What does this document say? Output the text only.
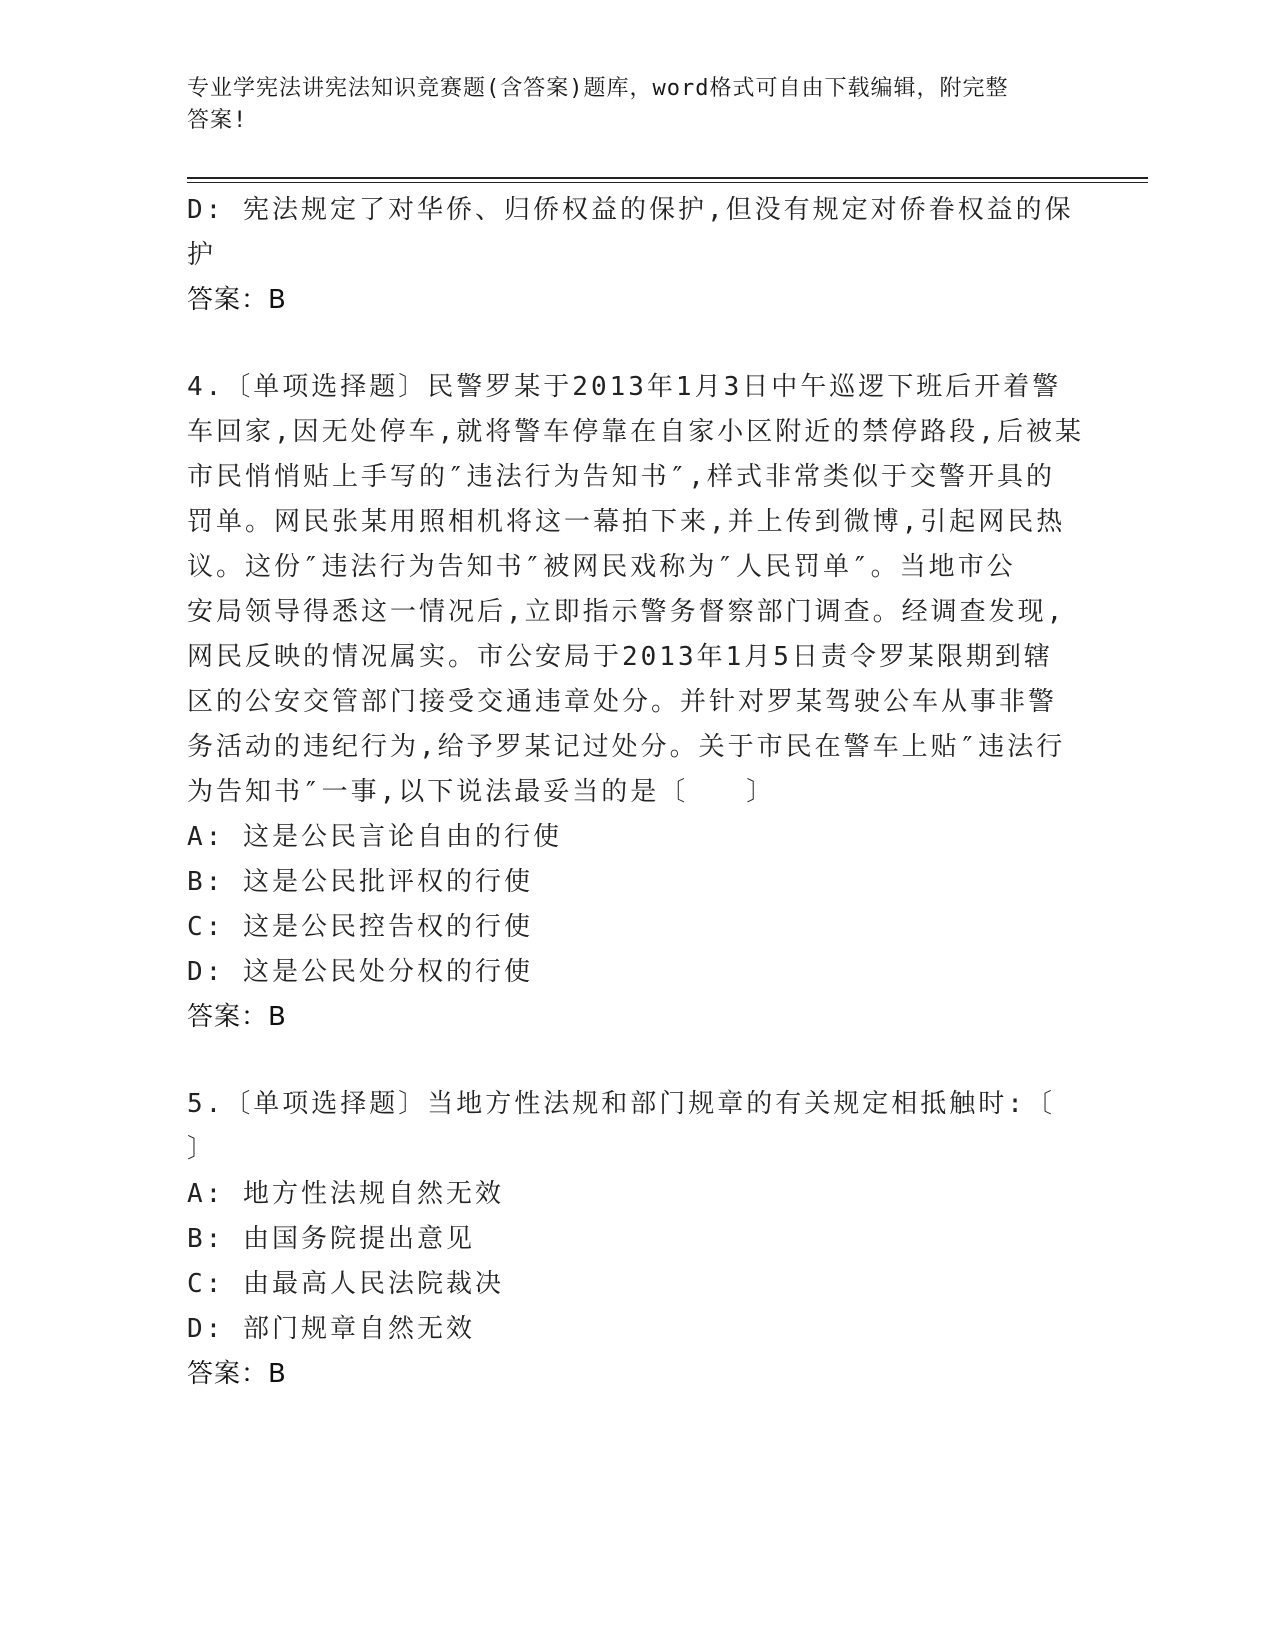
专业学宪法讲宪法知识竞赛题(含答案)题库，word格式可自由下载编辑，附完整
答案!
D: 宪法规定了对华侨、归侨权益的保护,但没有规定对侨眷权益的保
护
答案：B
4.〔单项选择题〕民警罗某于2013年1月3日中午巡逻下班后开着警
车回家,因无处停车,就将警车停靠在自家小区附近的禁停路段,后被某
市民悄悄贴上手写的″违法行为告知书″,样式非常类似于交警开具的
罚单。网民张某用照相机将这一幕拍下来,并上传到微博,引起网民热
议。这份″违法行为告知书″被网民戏称为″人民罚单″。当地市公
安局领导得悉这一情况后,立即指示警务督察部门调查。经调查发现,
网民反映的情况属实。市公安局于2013年1月5日责令罗某限期到辖
区的公安交管部门接受交通违章处分。并针对罗某驾驶公车从事非警
务活动的违纪行为,给予罗某记过处分。关于市民在警车上贴″违法行
为告知书″一事,以下说法最妥当的是〔　　〕
A: 这是公民言论自由的行使
B: 这是公民批评权的行使
C: 这是公民控告权的行使
D: 这是公民处分权的行使
答案：B
5.〔单项选择题〕当地方性法规和部门规章的有关规定相抵触时:〔
〕
A: 地方性法规自然无效
B: 由国务院提出意见
C: 由最高人民法院裁决
D: 部门规章自然无效
答案：B
